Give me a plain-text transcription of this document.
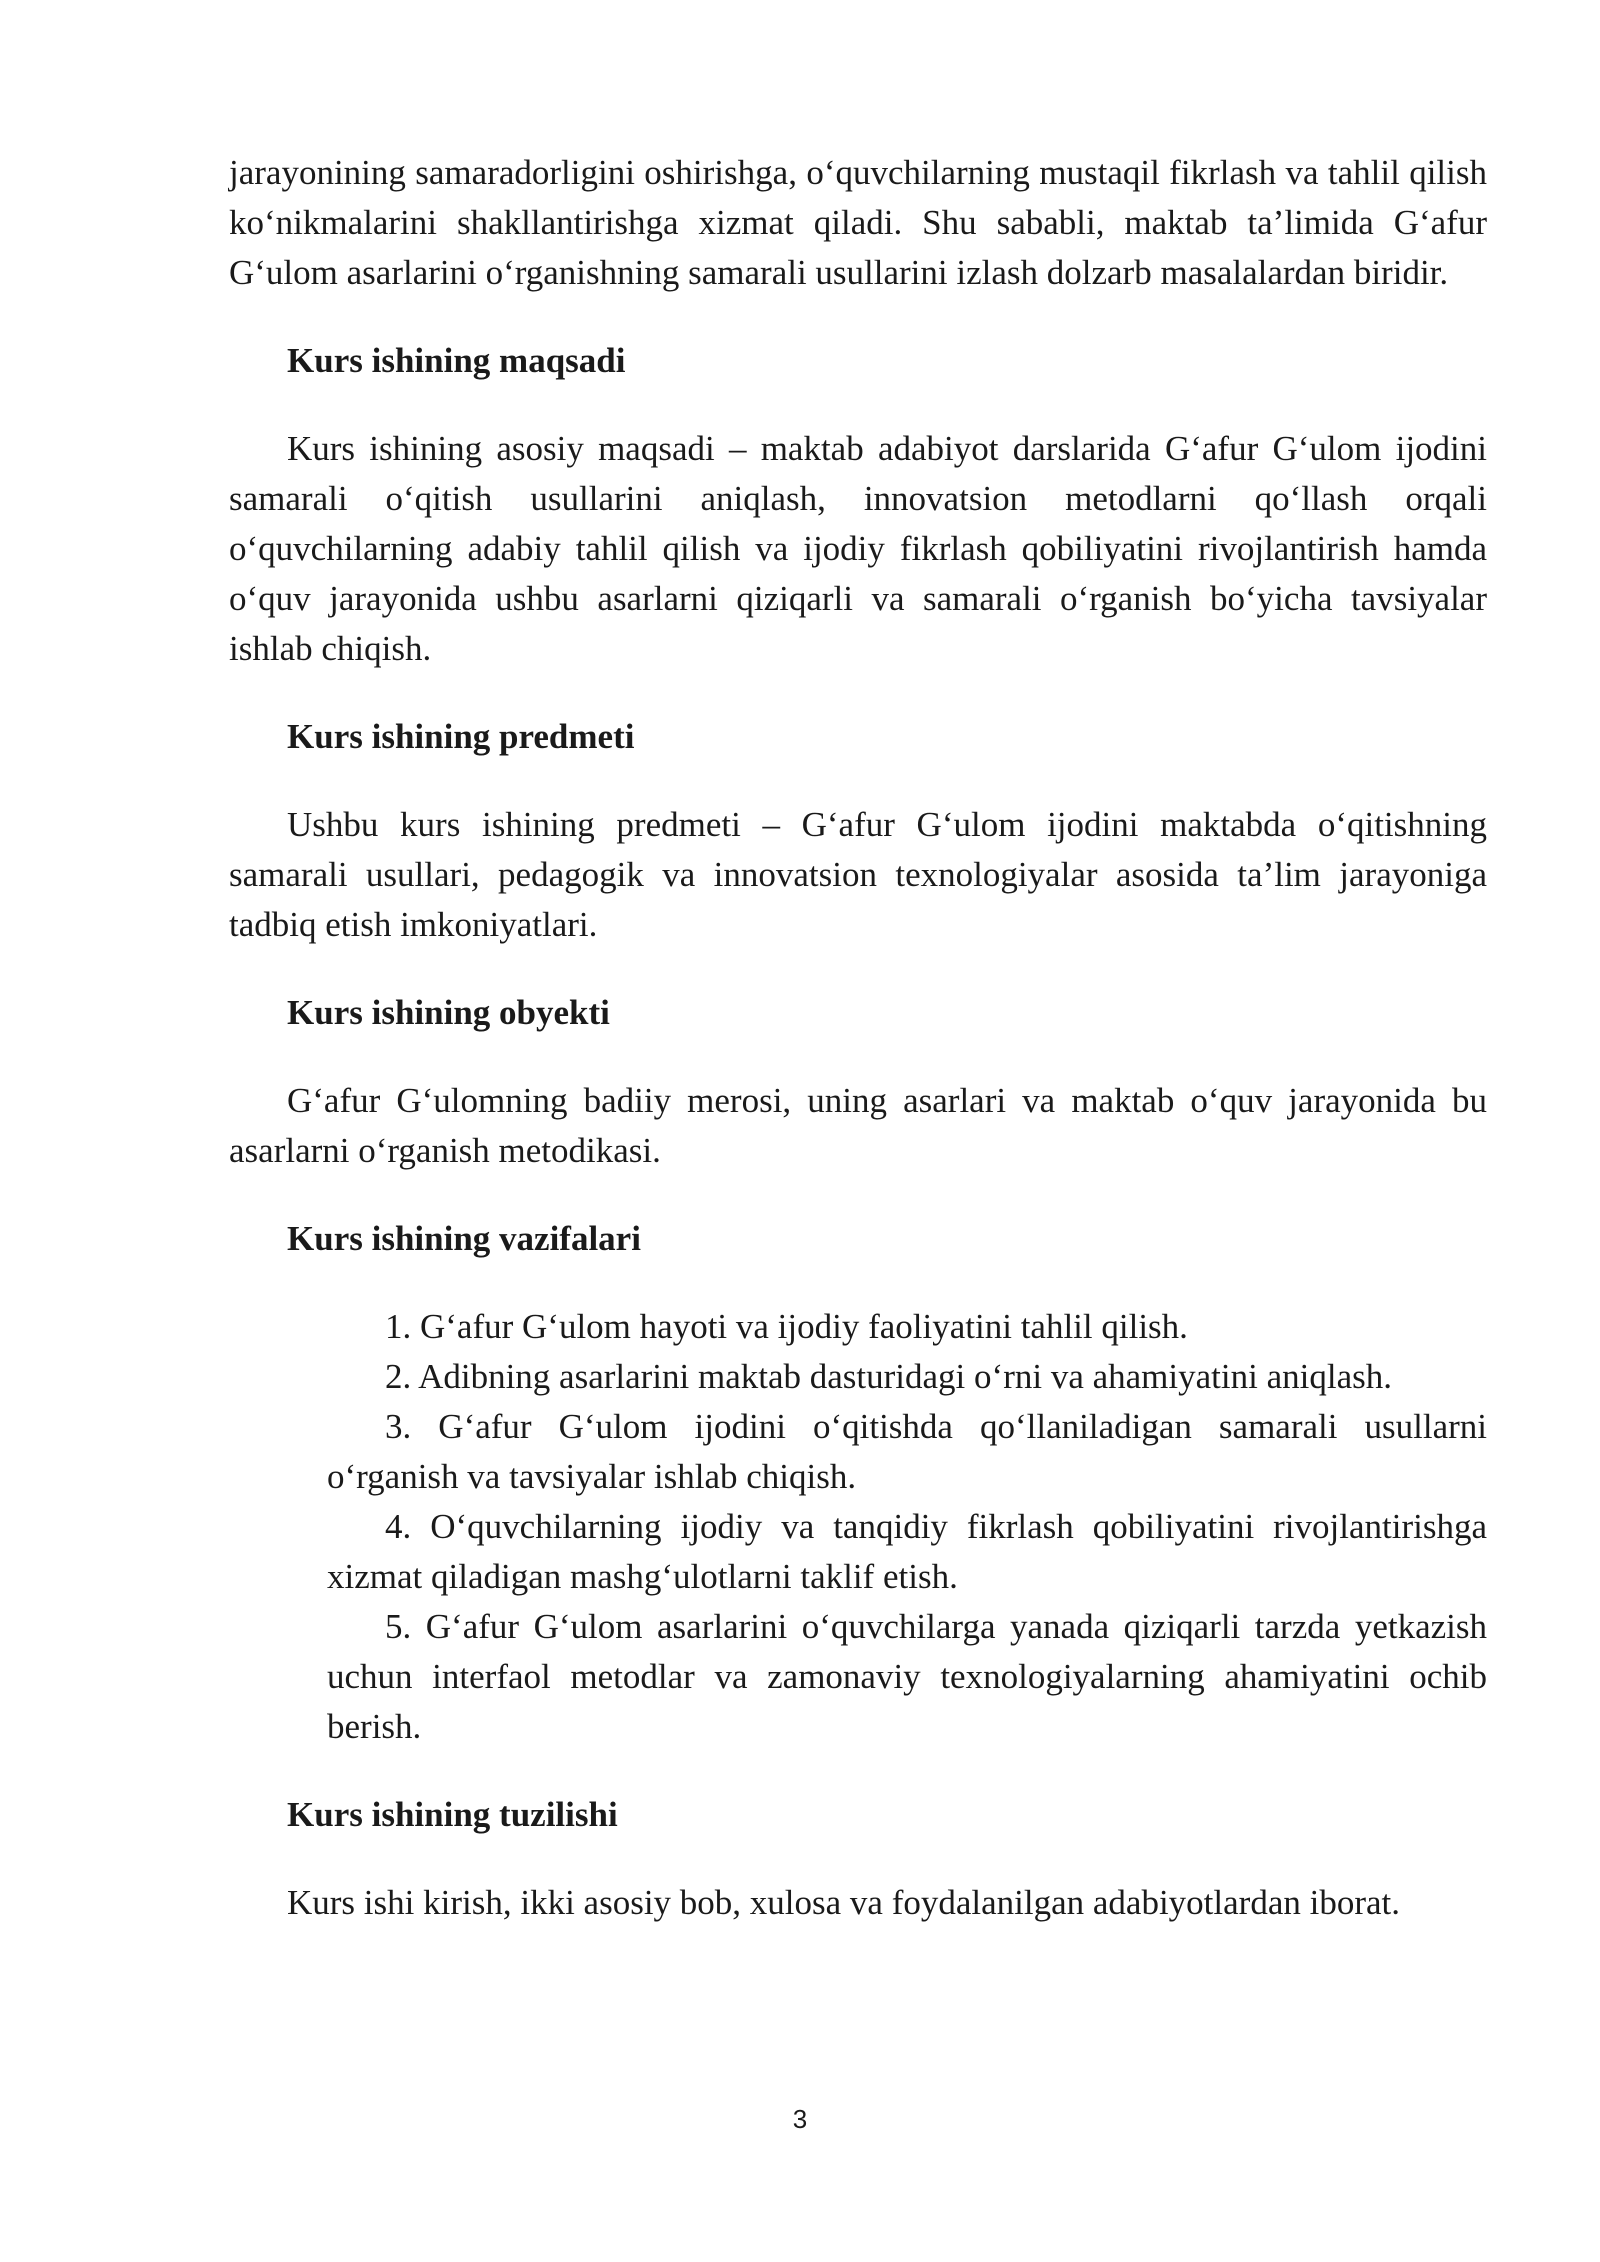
jarayonining samaradorligini oshirishga, o‘quvchilarning mustaqil fikrlash va tahlil qilish ko‘nikmalarini shakllantirishga xizmat qiladi. Shu sababli, maktab ta’limida G‘afur G‘ulom asarlarini o‘rganishning samarali usullarini izlash dolzarb masalalardan biridir.

Kurs ishining maqsadi

Kurs ishining asosiy maqsadi – maktab adabiyot darslarida G‘afur G‘ulom ijodini samarali o‘qitish usullarini aniqlash, innovatsion metodlarni qo‘llash orqali o‘quvchilarning adabiy tahlil qilish va ijodiy fikrlash qobiliyatini rivojlantirish hamda o‘quv jarayonida ushbu asarlarni qiziqarli va samarali o‘rganish bo‘yicha tavsiyalar ishlab chiqish.

Kurs ishining predmeti

Ushbu kurs ishining predmeti – G‘afur G‘ulom ijodini maktabda o‘qitishning samarali usullari, pedagogik va innovatsion texnologiyalar asosida ta’lim jarayoniga tadbiq etish imkoniyatlari.

Kurs ishining obyekti

G‘afur G‘ulomning badiiy merosi, uning asarlari va maktab o‘quv jarayonida bu asarlarni o‘rganish metodikasi.

Kurs ishining vazifalari

1. G‘afur G‘ulom hayoti va ijodiy faoliyatini tahlil qilish.
2. Adibning asarlarini maktab dasturidagi o‘rni va ahamiyatini aniqlash.
3. G‘afur G‘ulom ijodini o‘qitishda qo‘llaniladigan samarali usullarni o‘rganish va tavsiyalar ishlab chiqish.
4. O‘quvchilarning ijodiy va tanqidiy fikrlash qobiliyatini rivojlantirishga xizmat qiladigan mashg‘ulotlarni taklif etish.
5. G‘afur G‘ulom asarlarini o‘quvchilarga yanada qiziqarli tarzda yetkazish uchun interfaol metodlar va zamonaviy texnologiyalarning ahamiyatini ochib berish.

Kurs ishining tuzilishi

Kurs ishi kirish, ikki asosiy bob, xulosa va foydalanilgan adabiyotlardan iborat.

3
